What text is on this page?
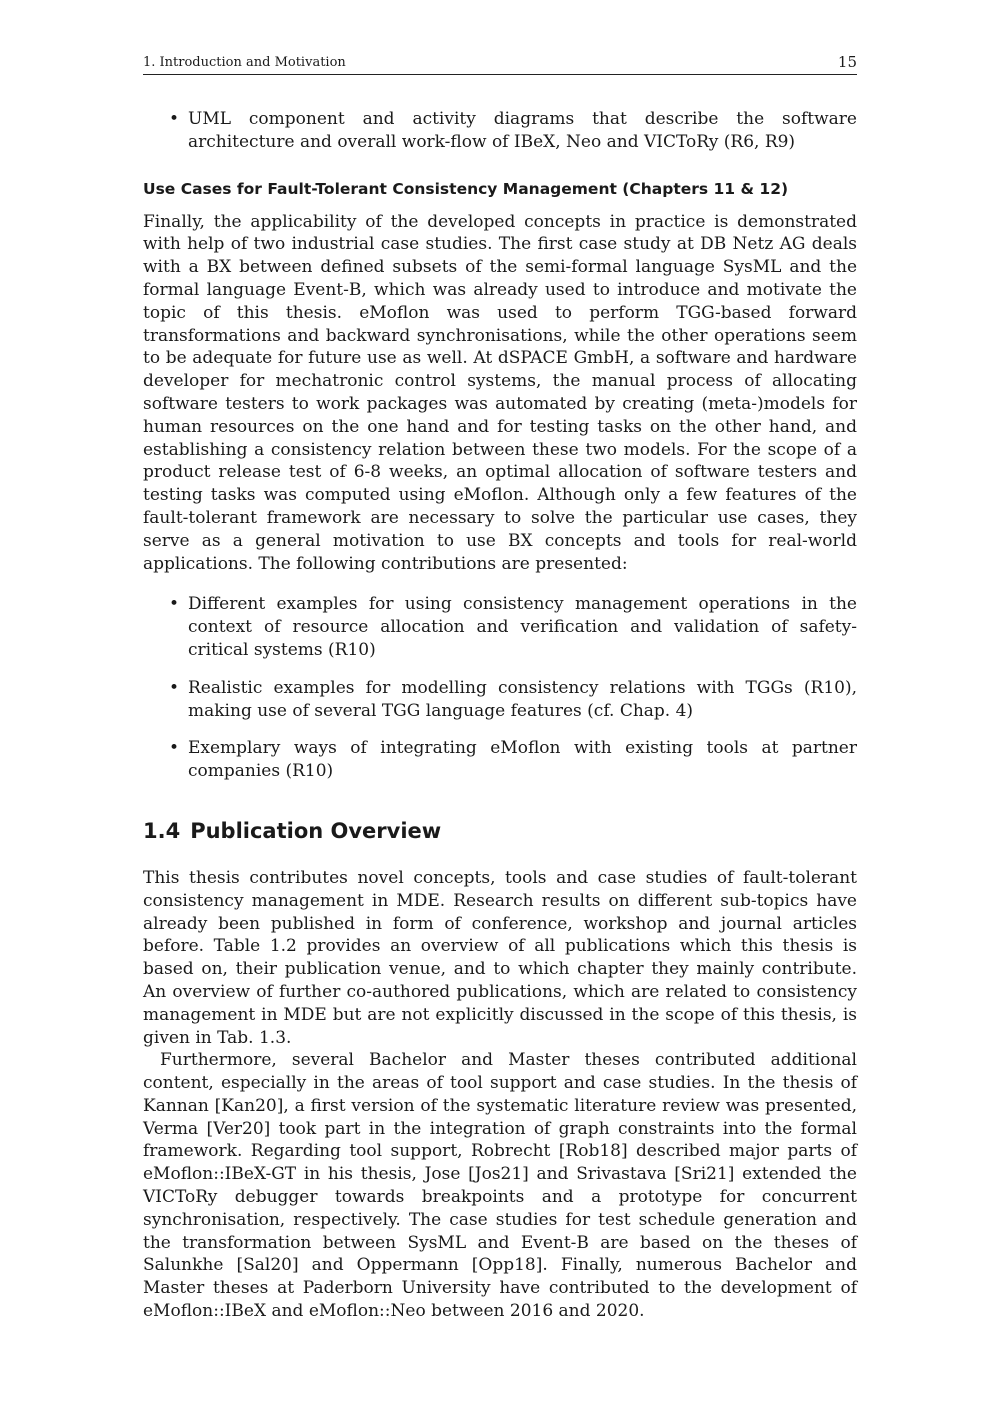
1. Introduction and Motivation	15
• UML component and activity diagrams that describe the software architecture and overall work-flow of IBeX, Neo and VICToRy (R6, R9)
Use Cases for Fault-Tolerant Consistency Management (Chapters 11 & 12)

Finally, the applicability of the developed concepts in practice is demonstrated with help of two industrial case studies. The first case study at DB Netz AG deals with a BX between defined subsets of the semi-formal language SysML and the formal language Event-B, which was already used to introduce and motivate the topic of this thesis. eMoflon was used to perform TGG-based forward transformations and backward synchronisations, while the other operations seem to be adequate for future use as well. At dSPACE GmbH, a software and hardware developer for mechatronic control systems, the manual process of allocating software testers to work packages was automated by creating (meta-)models for human resources on the one hand and for testing tasks on the other hand, and establishing a consistency relation between these two models. For the scope of a product release test of 6-8 weeks, an optimal allocation of software testers and testing tasks was computed using eMoflon. Although only a few features of the fault-tolerant framework are necessary to solve the particular use cases, they serve as a general motivation to use BX concepts and tools for real-world applications. The following contributions are presented:

• Different examples for using consistency management operations in the context of resource allocation and verification and validation of safety-critical systems (R10)
• Realistic examples for modelling consistency relations with TGGs (R10), making use of several TGG language features (cf. Chap. 4)
• Exemplary ways of integrating eMoflon with existing tools at partner companies (R10)
1.4 Publication Overview

This thesis contributes novel concepts, tools and case studies of fault-tolerant consistency management in MDE. Research results on different sub-topics have already been published in form of conference, workshop and journal articles before. Table 1.2 provides an overview of all publications which this thesis is based on, their publication venue, and to which chapter they mainly contribute. An overview of further co-authored publications, which are related to consistency management in MDE but are not explicitly discussed in the scope of this thesis, is given in Tab. 1.3.

Furthermore, several Bachelor and Master theses contributed additional content, especially in the areas of tool support and case studies. In the thesis of Kannan [Kan20], a first version of the systematic literature review was presented, Verma [Ver20] took part in the integration of graph constraints into the formal framework. Regarding tool support, Robrecht [Rob18] described major parts of eMoflon::IBeX-GT in his thesis, Jose [Jos21] and Srivastava [Sri21] extended the VICToRy debugger towards breakpoints and a prototype for concurrent synchronisation, respectively. The case studies for test schedule generation and the transformation between SysML and Event-B are based on the theses of Salunkhe [Sal20] and Oppermann [Opp18]. Finally, numerous Bachelor and Master theses at Paderborn University have contributed to the development of eMoflon::IBeX and eMoflon::Neo between 2016 and 2020.
